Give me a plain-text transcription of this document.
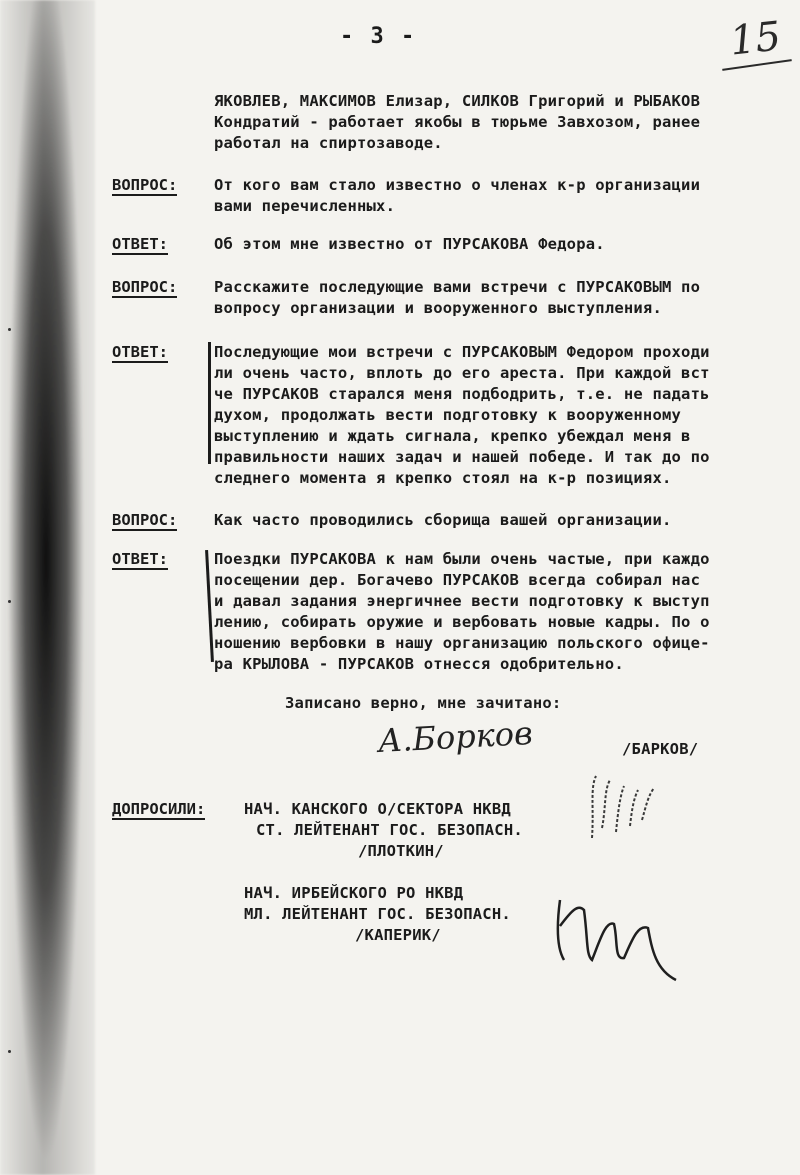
- 3 -	15
ЯКОВЛЕВ, МАКСИМОВ Елизар, СИЛКОВ Григорий и РЫБАКОВ
Кондратий - работает якобы в тюрьме Завхозом, ранее
работал на спиртозаводе.
ВОПРОС: От кого вам стало известно о членах к-р организации
вами перечисленных.
ОТВЕТ:	Об этом мне известно от ПУРСАКОВА Федора.
ВОПРОС: Расскажите последующие вами встречи с ПУРСАКОВЫМ по
вопросу организации и вооруженного выступления.
ОТВЕТ:	Последующие мои встречи с ПУРСАКОВЫМ Федором проходи
ли очень часто, вплоть до его ареста. При каждой вст
че ПУРСАКОВ старался меня подбодрить, т.е. не падать
духом, продолжать вести подготовку к вооруженному
выступлению и ждать сигнала, крепко убеждал меня в
правильности наших задач и нашей победе. И так до по
следнего момента я крепко стоял на к-р позициях.
ВОПРОС: Как часто проводились сборища вашей организации.
ОТВЕТ:	Поездки ПУРСАКОВА к нам были очень частые, при каждо
посещении дер. Богачево ПУРСАКОВ всегда собирал нас
и давал задания энергичнее вести подготовку к выступ
лению, собирать оружие и вербовать новые кадры. По о
ношению вербовки в нашу организацию польского офице-
ра КРЫЛОВА - ПУРСАКОВ отнесся одобрительно.
Записано верно, мне зачитано:
А.Борков	/БАРКОВ/
ДОПРОСИЛИ: НАЧ. КАНСКОГО О/СЕКТОРА НКВД
СТ. ЛЕЙТЕНАНТ ГОС. БЕЗОПАСН.
/ПЛОТКИН/
НАЧ. ИРБЕЙСКОГО РО НКВД
МЛ. ЛЕЙТЕНАНТ ГОС. БЕЗОПАСН.
/КАПЕРИК/
